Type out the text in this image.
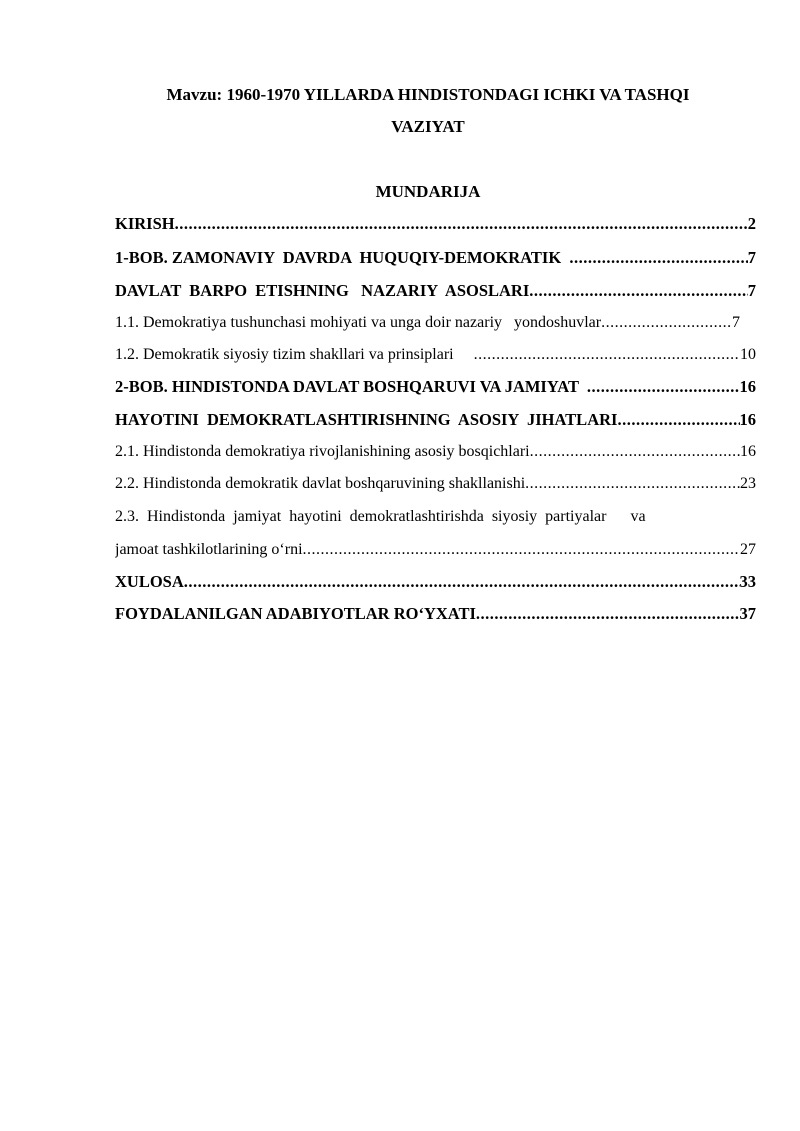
Mavzu: 1960-1970 YILLARDA HINDISTONDAGI ICHKI VA TASHQI
VAZIYAT
MUNDARIJA
KIRISH .....	2
1-BOB. ZAMONAVIY  DAVRDA  HUQUQIY-DEMOKRATIK .....	7
DAVLAT  BARPO  ETISHNING   NAZARIY  ASOSLARI .....	7
1.1. Demokratiya tushunchasi mohiyati va unga doir nazariy   yondoshuvlar .....	7
1.2. Demokratik siyosiy tizim shakllari va prinsiplari .....	10
2-BOB. HINDISTONDA DAVLAT BOSHQARUVI VA JAMIYAT .....	16
HAYOTINI  DEMOKRATLASHTIRISHNING  ASOSIY  JIHATLARI .....	16
2.1. Hindistonda demokratiya rivojlanishining asosiy bosqichlari .....	16
2.2. Hindistonda demokratik davlat boshqaruvining shakllanishi .....	23
2.3.  Hindistonda  jamiyat  hayotini  demokratlashtirishda  siyosiy  partiyalar      va
jamoat tashkilotlarining o‘rni .....	27
XULOSA .....	33
FOYDALANILGAN ADABIYOTLAR RO‘YXATI .....	37
